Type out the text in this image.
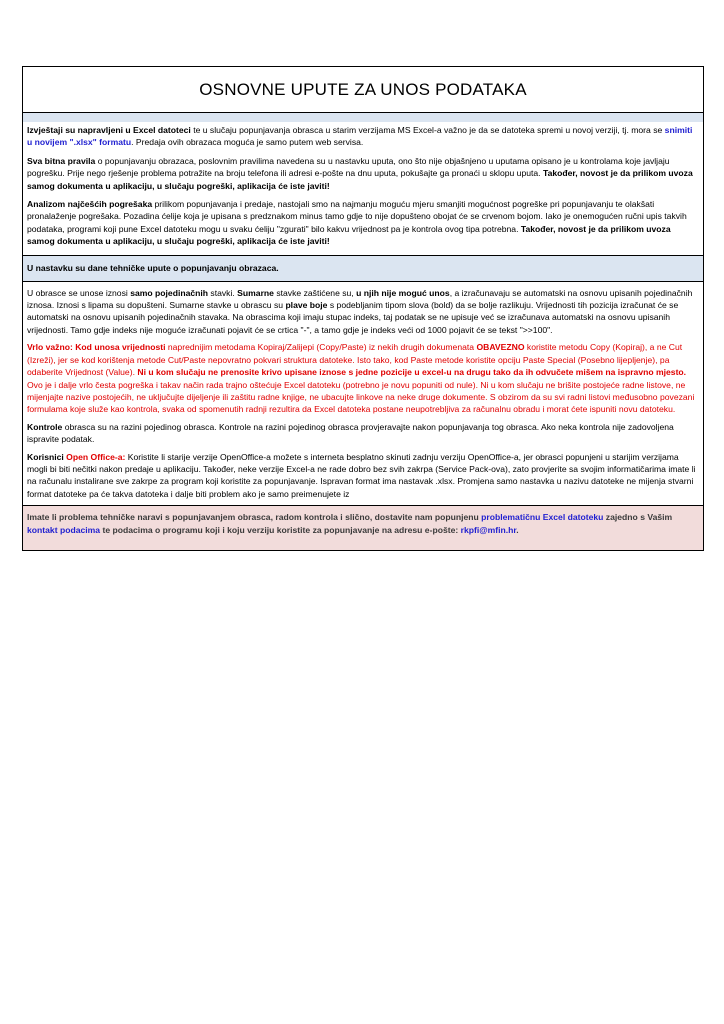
OSNOVNE UPUTE ZA UNOS PODATAKA

Izvještaji su napravljeni u Excel datoteci te u slučaju popunjavanja obrasca u starim verzijama MS Excel-a važno je da se datoteka spremi u novoj verziji, tj. mora se snimiti u novijem ".xlsx" formatu. Predaja ovih obrazaca moguća je samo putem web servisa.

Sva bitna pravila o popunjavanju obrazaca, poslovnim pravilima navedena su u nastavku uputa, ono što nije objašnjeno u uputama opisano je u kontrolama koje javljaju pogrešku. Prije nego rješenje problema potražite na broju telefona ili adresi e-pošte na dnu uputa, pokušajte ga pronaći u sklopu uputa. Također, novost je da prilikom uvoza samog dokumenta u aplikaciju, u slučaju pogreški, aplikacija će iste javiti!

Analizom najčešćih pogrešaka prilikom popunjavanja i predaje, nastojali smo na najmanju moguću mjeru smanjiti mogućnost pogreške pri popunjavanju te olakšati pronalaženje pogrešaka. Pozadina ćelije koja je upisana s predznakom minus tamo gdje to nije dopušteno obojat će se crvenom bojom. Iako je onemogućen ručni upis takvih podataka, programi koji pune Excel datoteku mogu u svaku ćeliju "zgurati" bilo kakvu vrijednost pa je kontrola ovog tipa potrebna. Također, novost je da prilikom uvoza samog dokumenta u aplikaciju, u slučaju pogreški, aplikacija će iste javiti!

U nastavku su dane tehničke upute o popunjavanju obrazaca.

U obrasce se unose iznosi samo pojedinačnih stavki. Sumarne stavke zaštićene su, u njih nije moguć unos, a izračunavaju se automatski na osnovu upisanih pojedinačnih iznosa. Iznosi s lipama su dopušteni. Sumarne stavke u obrascu su plave boje s podebljanim tipom slova (bold) da se bolje razlikuju. Vrijednosti tih pozicija izračunat će se automatski na osnovu upisanih pojedinačnih stavaka. Na obrascima koji imaju stupac indeks, taj podatak se ne upisuje već se izračunava automatski na osnovu upisanih vrijednosti. Tamo gdje indeks nije moguće izračunati pojavit će se crtica "-", a tamo gdje je indeks veći od 1000 pojavit će se tekst ">>100".

Vrlo važno: Kod unosa vrijednosti naprednijim metodama Kopiraj/Zalijepi (Copy/Paste) iz nekih drugih dokumenata OBAVEZNO koristite metodu Copy (Kopiraj), a ne Cut (Izreži), jer se kod korištenja metode Cut/Paste nepovratno pokvari struktura datoteke. Isto tako, kod Paste metode koristite opciju Paste Special (Posebno lijepljenje), pa odaberite Vrijednost (Value). Ni u kom slučaju ne prenosite krivo upisane iznose s jedne pozicije u excel-u na drugu tako da ih odvučete mišem na ispravno mjesto. Ovo je i dalje vrlo česta pogreška i takav način rada trajno oštećuje Excel datoteku (potrebno je novu popuniti od nule). Ni u kom slučaju ne brišite postojeće radne listove, ne mijenjajte nazive postojećih, ne uključujte dijeljenje ili zaštitu radne knjige, ne ubacujte linkove na neke druge dokumente. S obzirom da su svi radni listovi međusobno povezani formulama koje služe kao kontrola, svaka od spomenutih radnji rezultira da Excel datoteka postane neupotrebljiva za računalnu obradu i morat ćete ispuniti novu datoteku.

Kontrole obrasca su na razini pojedinog obrasca. Kontrole na razini pojedinog obrasca provjeravajte nakon popunjavanja tog obrasca. Ako neka kontrola nije zadovoljena ispravite podatak.

Korisnici Open Office-a: Koristite li starije verzije OpenOffice-a možete s interneta besplatno skinuti zadnju verziju OpenOffice-a, jer obrasci popunjeni u starijim verzijama mogli bi biti nečitki nakon predaje u aplikaciju. Također, neke verzije Excel-a ne rade dobro bez svih zakrpa (Service Pack-ova), zato provjerite sa svojim informatičarima imate li na računalu instalirane sve zakrpe za program koji koristite za popunjavanje. Ispravan format ima nastavak .xlsx. Promjena samo nastavka u nazivu datoteke ne mijenja stvarni format datoteke pa će takva datoteka i dalje biti problem ako je samo preimenujete iz

Imate li problema tehničke naravi s popunjavanjem obrasca, radom kontrola i slično, dostavite nam popunjenu problematičnu Excel datoteku zajedno s Vašim kontakt podacima te podacima o programu koji i koju verziju koristite za popunjavanje na adresu e-pošte: rkpfi@mfin.hr.
